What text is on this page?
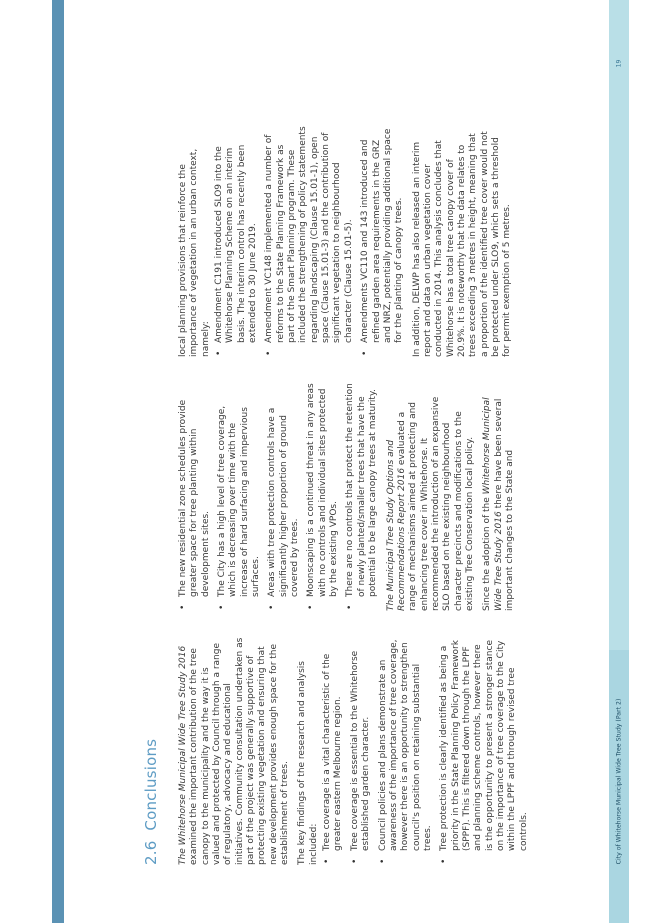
19
City of Whitehorse Municipal Wide Tree Study (Part 2)
2.6  Conclusions The Whitehorse Municipal Wide Tree Study 2016 examined the important contribution of the tree canopy to the municipality and the way it is valued and protected by Council through a range of regulatory, advocacy and educational initiatives. Community consultation undertaken as part of the project was generally supportive of protecting existing vegetation and ensuring that new development provides enough space for the establishment of trees. The key findings of the research and analysis included: •
Tree coverage is a vital characteristic of the greater eastern Melbourne region.
•
Tree coverage is essential to the Whitehorse established garden character.
•
Council policies and plans demonstrate an awareness of the importance of tree coverage, however there is an opportunity to strengthen council's position on retaining substantial trees.
•
Tree protection is clearly identified as being a priority in the State Planning Policy Framework (SPPF). This is filtered down through the LPPF and planning scheme controls, however there is the opportunity to present a stronger stance on the importance of tree coverage to the City within the LPPF and through revised tree controls.
•
The new residential zone schedules provide greater space for tree planting within development sites.
•
The City has a high level of tree coverage, which is decreasing over time with the increase of hard surfacing and impervious surfaces.
•
Areas with tree protection controls have a significantly higher proportion of ground covered by trees.
•
Moonscaping is a continued threat in any areas with no controls and individual sites protected by the existing VPOs.
•
There are no controls that protect the retention of newly planted/smaller trees that have the potential to be large canopy trees at maturity. The Municipal Tree Study Options and Recommendations Report 2016 evaluated a range of mechanisms aimed at protecting and enhancing tree cover in Whitehorse. It recommended the introduction of an expansive SLO based on the existing neighbourhood character precincts and modifications to the existing Tree Conservation local policy. Since the adoption of the Whitehorse Municipal Wide Tree Study 2016 there have been several important changes to the State and

local planning provisions that reinforce the importance of vegetation in an urban context, namely: •
Amendment C191 introduced SLO9 into the Whitehorse Planning Scheme on an interim basis. The interim control has recently been extended to 30 June 2019.
•
Amendment VC148 implemented a number of reforms to the State Planning Framework as part of the Smart Planning program. These included the strengthening of policy statements regarding landscaping (Clause 15.01-1), open space (Clause 15.01-3) and the contribution of significant vegetation to neighbourhood character (Clause 15.01-5).
•
Amendments VC110 and 143 introduced and refined garden area requirements in the GRZ and NRZ, potentially providing additional space for the planting of canopy trees. In addition, DELWP has also released an interim report and data on urban vegetation cover conducted in 2014. This analysis concludes that Whitehorse has a total tree canopy cover of 20.9%. It is noteworthy that the data relates to trees exceeding 3 metres in height, meaning that a proportion of the identified tree cover would not be protected under SLO9, which sets a threshold for permit exemption of 5 metres.
